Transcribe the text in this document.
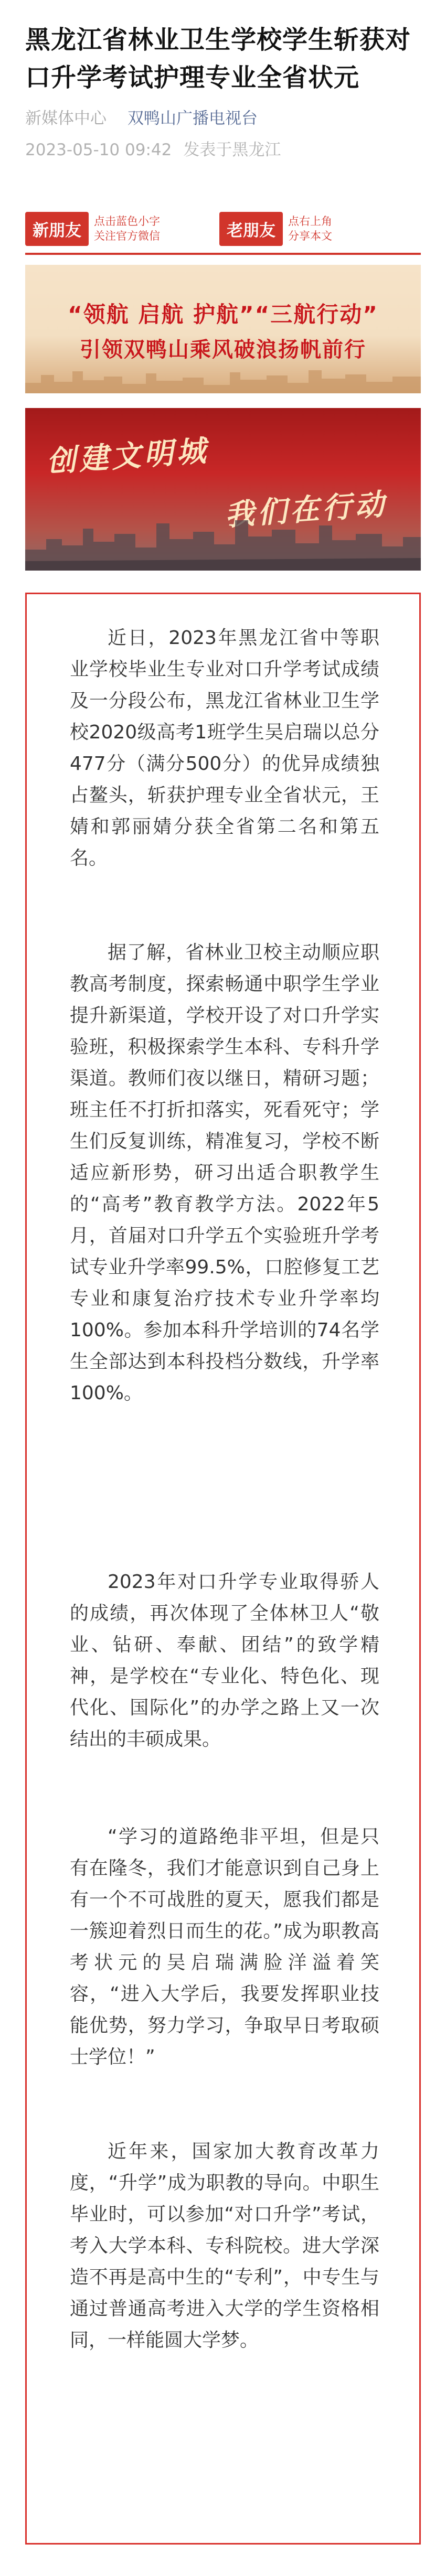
黑龙江省林业卫生学校学生斩获对口升学考试护理专业全省状元
新媒体中心 双鸭山广播电视台
2023-05-10 09:42 发表于黑龙江
新朋友	点击蓝色小字
关注官方微信	老朋友	点右上角
分享本文
“领航 启航 护航”“三航行动”
引领双鸭山乘风破浪扬帆前行
创建文明城
我们在行动

近日，2023年黑龙江省中等职业学校毕业生专业对口升学考试成绩及一分段公布，黑龙江省林业卫生学校2020级高考1班学生吴启瑞以总分477分（满分500分）的优异成绩独占鳌头，斩获护理专业全省状元，王婧和郭丽婧分获全省第二名和第五名。

据了解，省林业卫校主动顺应职教高考制度，探索畅通中职学生学业提升新渠道，学校开设了对口升学实验班，积极探索学生本科、专科升学渠道。教师们夜以继日，精研习题；班主任不打折扣落实，死看死守；学生们反复训练，精准复习，学校不断适应新形势，研习出适合职教学生的“高考”教育教学方法。2022年5月，首届对口升学五个实验班升学考试专业升学率99.5%，口腔修复工艺专业和康复治疗技术专业升学率均100%。参加本科升学培训的74名学生全部达到本科投档分数线，升学率100%。

2023年对口升学专业取得骄人的成绩，再次体现了全体林卫人“敬业、钻研、奉献、团结”的致学精神，是学校在“专业化、特色化、现代化、国际化”的办学之路上又一次结出的丰硕成果。

“学习的道路绝非平坦，但是只有在隆冬，我们才能意识到自己身上有一个不可战胜的夏天，愿我们都是一簇迎着烈日而生的花。”成为职教高考状元的吴启瑞满脸洋溢着笑容，“进入大学后，我要发挥职业技能优势，努力学习，争取早日考取硕士学位！”

近年来，国家加大教育改革力度，“升学”成为职教的导向。中职生毕业时，可以参加“对口升学”考试，考入大学本科、专科院校。进大学深造不再是高中生的“专利”，中专生与通过普通高考进入大学的学生资格相同，一样能圆大学梦。
